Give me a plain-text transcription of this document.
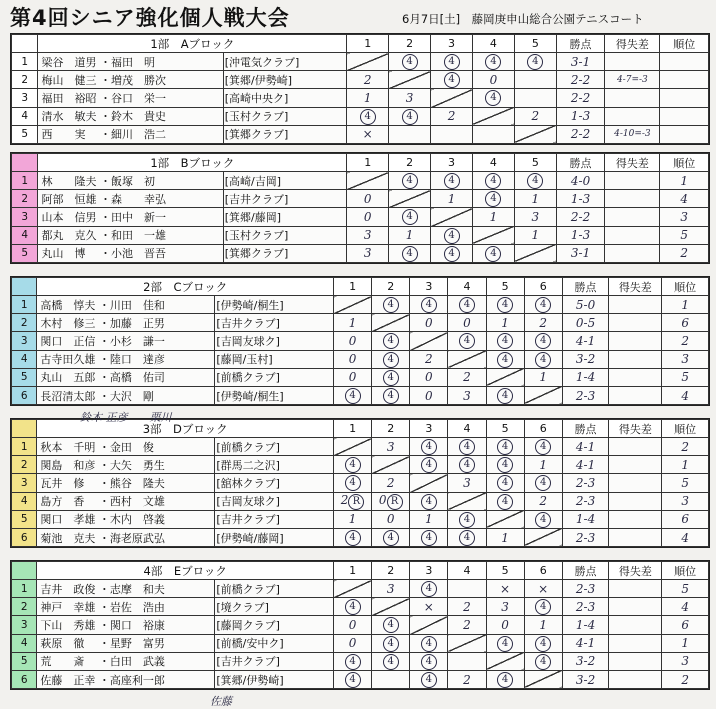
第4回シニア強化個人戦大会	6月7日[土]　藤岡庚申山総合公園テニスコート
	1部　Aブロック		1	2	3	4	5	勝点	得失差	順位
1	梁谷　道男 ・福田　明	[沖電気クラブ]		4	4	4	4	3-1		
2	梅山　健三 ・増茂　勝次	[箕郷/伊勢崎]	2		4	0		2-2	4-7=-3	
3	福田　裕昭 ・谷口　栄一	[高崎中央ク]	1	3		4		2-2		
4	清水　敏夫 ・鈴木　貴史	[玉村クラブ]	4	4	2		2	1-3		
5	西　　実　 ・細川　浩二	[箕郷クラブ]	×					2-2	4-10=-3	
	1部　Bブロック		1	2	3	4	5	勝点	得失差	順位
1	林　　隆夫 ・飯塚　初	[高崎/吉岡]		4	4	4	4	4-0		1
2	阿部　恒雄 ・森　　幸弘	[吉井クラブ]	0		1	4	1	1-3		4
3	山本　信男 ・田中　新一	[箕郷/藤岡]	0	4		1	3	2-2		3
4	都丸　克久 ・和田　一雄	[玉村クラブ]	3	1	4		1	1-3		5
5	丸山　博　 ・小池　晋吾	[箕郷クラブ]	3	4	4	4		3-1		2
	2部　Cブロック		1	2	3	4	5	6	勝点	得失差	順位
1	高橋　惇夫 ・川田　佳和	[伊勢崎/桐生]		4	4	4	4	4	5-0		1
2	木村　修三 ・加藤　正男	[吉井クラブ]	1		0	0	1	2	0-5		6
3	関口　正信 ・小杉　謙一	[吉岡友球ク]	0	4		4	4	4	4-1		2
4	古寺田久雄 ・陸口　達彦	[藤岡/玉村]	0	4	2		4	4	3-2		3
5	丸山　五郎 ・高橋　佑司	[前橋クラブ]	0	4	0	2		1	1-4		5
6	長沼清太郎 ・大沢　剛	[伊勢崎/桐生]	4	4	0	3	4		2-3		4
	3部　Dブロック		1	2	3	4	5	6	勝点	得失差	順位
1	秋本　千明 ・金田　俊	[前橋クラブ]		3	4	4	4	4	4-1		2
2	関島　和彦 ・大矢　勇生	[群馬二之沢]	4		4	4	4	1	4-1		1
3	瓦井　修　 ・熊谷　隆夫	[舘林クラブ]	4	2		3	4	4	2-3		5
4	島方　香　 ・西村　文雄	[吉岡友球ク]	2 R	0 R	4		4	2	2-3		3
5	関口　孝雄 ・木内　啓義	[吉井クラブ]	1	0	1	4		4	1-4		6
6	菊池　克夫 ・海老原武弘	[伊勢崎/藤岡]	4	4	4	4	1		2-3		4
	4部　Eブロック		1	2	3	4	5	6	勝点	得失差	順位
1	吉井　政俊 ・志摩　和夫	[前橋クラブ]		3	4		×	×	2-3		5
2	神戸　幸雄 ・岩佐　浩由	[境クラブ]	4		×	2	3	4	2-3		4
3	下山　秀雄 ・関口　裕康	[藤岡クラブ]	0	4		2	0	1	1-4		6
4	萩原　徹　 ・星野　富男	[前橋/安中ク]	0	4	4		4	4	4-1		1
5	荒　　斎　 ・白田　武義	[吉井クラブ]	4	4	4			4	3-2		3
6	佐藤　正幸 ・高座利一郎	[箕郷/伊勢崎]	4		4	2	4		3-2		2
鈴木 正彦　　栗川
佐藤
